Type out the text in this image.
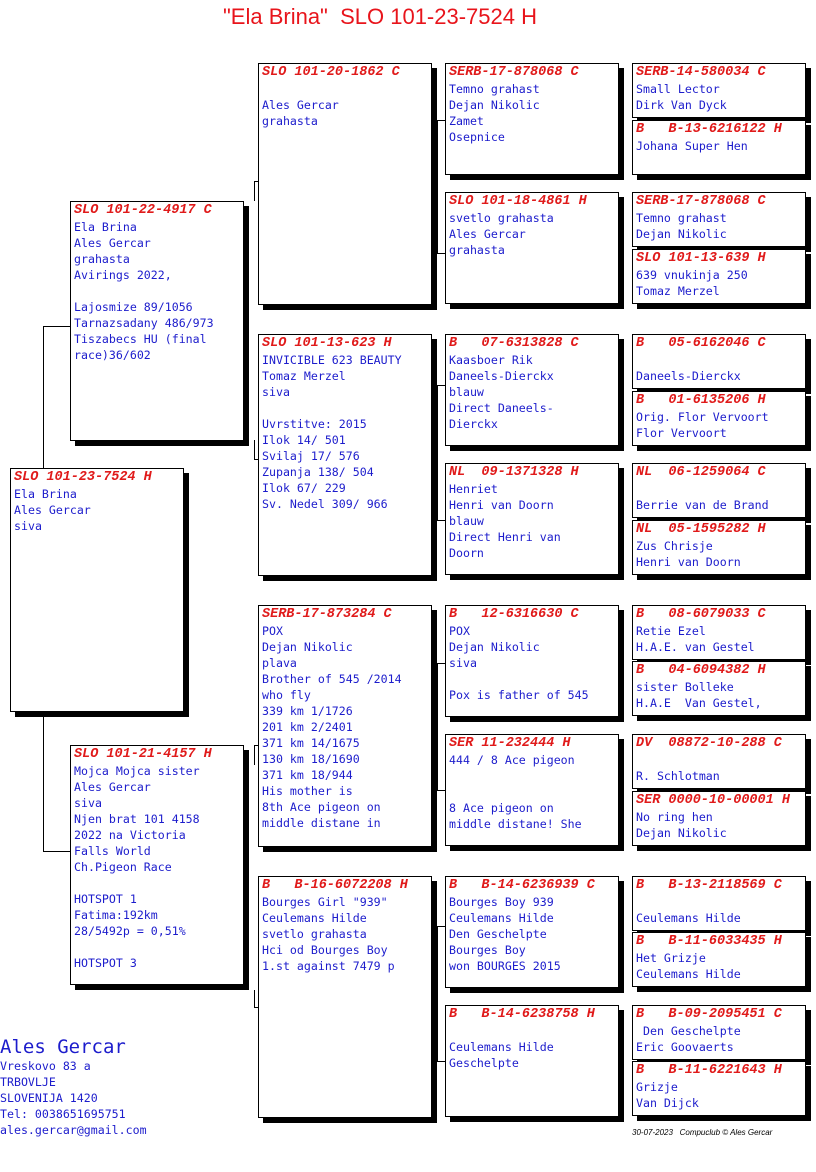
"Ela Brina"  SLO 101-23-7524 H
SLO 101-23-7524 H
Ela Brina
Ales Gercar
siva
SLO 101-22-4917 C
Ela Brina
Ales Gercar
grahasta
Avirings 2022,
Lajosmize 89/1056
Tarnazsadany 486/973
Tiszabecs HU (final
race)36/602
SLO 101-21-4157 H
Mojca Mojca sister
Ales Gercar
siva
Njen brat 101 4158
2022 na Victoria
Falls World
Ch.Pigeon Race
HOTSPOT 1
Fatima:192km
28/5492p = 0,51%
HOTSPOT 3
SLO 101-20-1862 C
Ales Gercar
grahasta
SLO 101-13-623 H
INVICIBLE 623 BEAUTY
Tomaz Merzel
siva
Uvrstitve: 2015
Ilok 14/ 501
Svilaj 17/ 576
Zupanja 138/ 504
Ilok 67/ 229
Sv. Nedel 309/ 966
SERB-17-873284 C
POX
Dejan Nikolic
plava
Brother of 545 /2014
who fly
339 km 1/1726
201 km 2/2401
371 km 14/1675
130 km 18/1690
371 km 18/944
His mother is
8th Ace pigeon on
middle distane in
B   B-16-6072208 H
Bourges Girl "939"
Ceulemans Hilde
svetlo grahasta
Hci od Bourges Boy
1.st against 7479 p
SERB-17-878068 C
Temno grahast
Dejan Nikolic
Zamet
Osepnice
SLO 101-18-4861 H
svetlo grahasta
Ales Gercar
grahasta
B   07-6313828 C
Kaasboer Rik
Daneels-Dierckx
blauw
Direct Daneels-
Dierckx
NL  09-1371328 H
Henriet
Henri van Doorn
blauw
Direct Henri van
Doorn
B   12-6316630 C
POX
Dejan Nikolic
siva
Pox is father of 545
SER 11-232444 H
444 / 8 Ace pigeon
8 Ace pigeon on
middle distane! She
B   B-14-6236939 C
Bourges Boy 939
Ceulemans Hilde
Den Geschelpte
Bourges Boy
won BOURGES 2015
B   B-14-6238758 H
Ceulemans Hilde
Geschelpte
SERB-14-580034 C
Small Lector
Dirk Van Dyck
B   B-13-6216122 H
Johana Super Hen
SERB-17-878068 C
Temno grahast
Dejan Nikolic
SLO 101-13-639 H
639 vnukinja 250
Tomaz Merzel
B   05-6162046 C
Daneels-Dierckx
B   01-6135206 H
Orig. Flor Vervoort
Flor Vervoort
NL  06-1259064 C
Berrie van de Brand
NL  05-1595282 H
Zus Chrisje
Henri van Doorn
B   08-6079033 C
Retie Ezel
H.A.E. van Gestel
B   04-6094382 H
sister Bolleke
H.A.E  Van Gestel,
DV  08872-10-288 C
R. Schlotman
SER 0000-10-00001 H
No ring hen
Dejan Nikolic
B   B-13-2118569 C
Ceulemans Hilde
B   B-11-6033435 H
Het Grizje
Ceulemans Hilde
B   B-09-2095451 C
Den Geschelpte
Eric Goovaerts
B   B-11-6221643 H
Grizje
Van Dijck
Ales Gercar
Vreskovo 83 a
TRBOVLJE
SLOVENIJA 1420
Tel: 0038651695751
ales.gercar@gmail.com	30-07-2023   Compuclub © Ales Gercar
